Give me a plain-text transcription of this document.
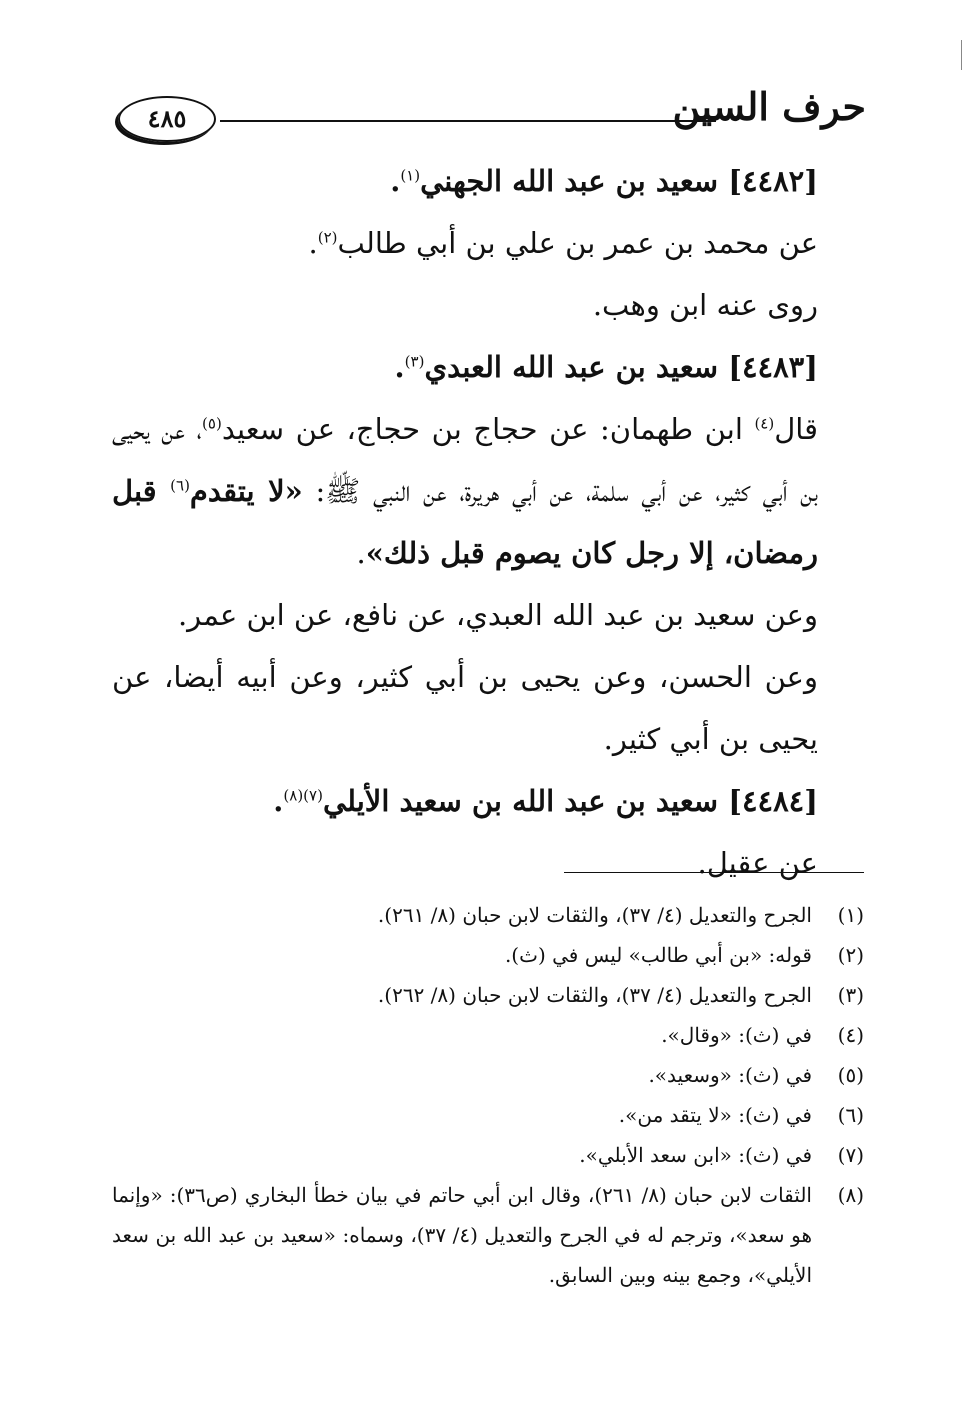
حرف السين
٤٨٥

[٤٤٨٢] سعيد بن عبد الله الجهني$^{(١)}$.

عن محمد بن عمر بن علي بن أبي طالب$^{(٢)}$.

روى عنه ابن وهب.

[٤٤٨٣] سعيد بن عبد الله العبدي$^{(٣)}$.

قال$^{(٤)}$ ابن طهمان: عن حجاج بن حجاج، عن سعيد$^{(٥)}$، عن يحيى بن أبي كثير، عن أبي سلمة، عن أبي هريرة، عن النبي ﷺ: «لا يتقدم$^{(٦)}$ قبل رمضان، إلا رجل كان يصوم قبل ذلك».

وعن سعيد بن عبد الله العبدي، عن نافع، عن ابن عمر.

وعن الحسن، وعن يحيى بن أبي كثير، وعن أبيه أيضا، عن يحيى بن أبي كثير.

[٤٤٨٤] سعيد بن عبد الله بن سعيد الأيلي$^{(٧)(٨)}$.

عن عقيل.

(١)
الجرح والتعديل (٤/ ٣٧)، والثقات لابن حبان (٨/ ٢٦١).
(٢)
قوله: «بن أبي طالب» ليس في (ث).
(٣)
الجرح والتعديل (٤/ ٣٧)، والثقات لابن حبان (٨/ ٢٦٢).
(٤)
في (ث): «وقال».
(٥)
في (ث): «وسعيد».
(٦)
في (ث): «لا يتقد من».
(٧)
في (ث): «ابن سعد الأبلي».
(٨)
الثقات لابن حبان (٨/ ٢٦١)، وقال ابن أبي حاتم في بيان خطأ البخاري (ص٣٦): «وإنما هو سعد»، وترجم له في الجرح والتعديل (٤/ ٣٧)، وسماه: «سعيد بن عبد الله بن سعد الأيلي»، وجمع بينه وبين السابق.
